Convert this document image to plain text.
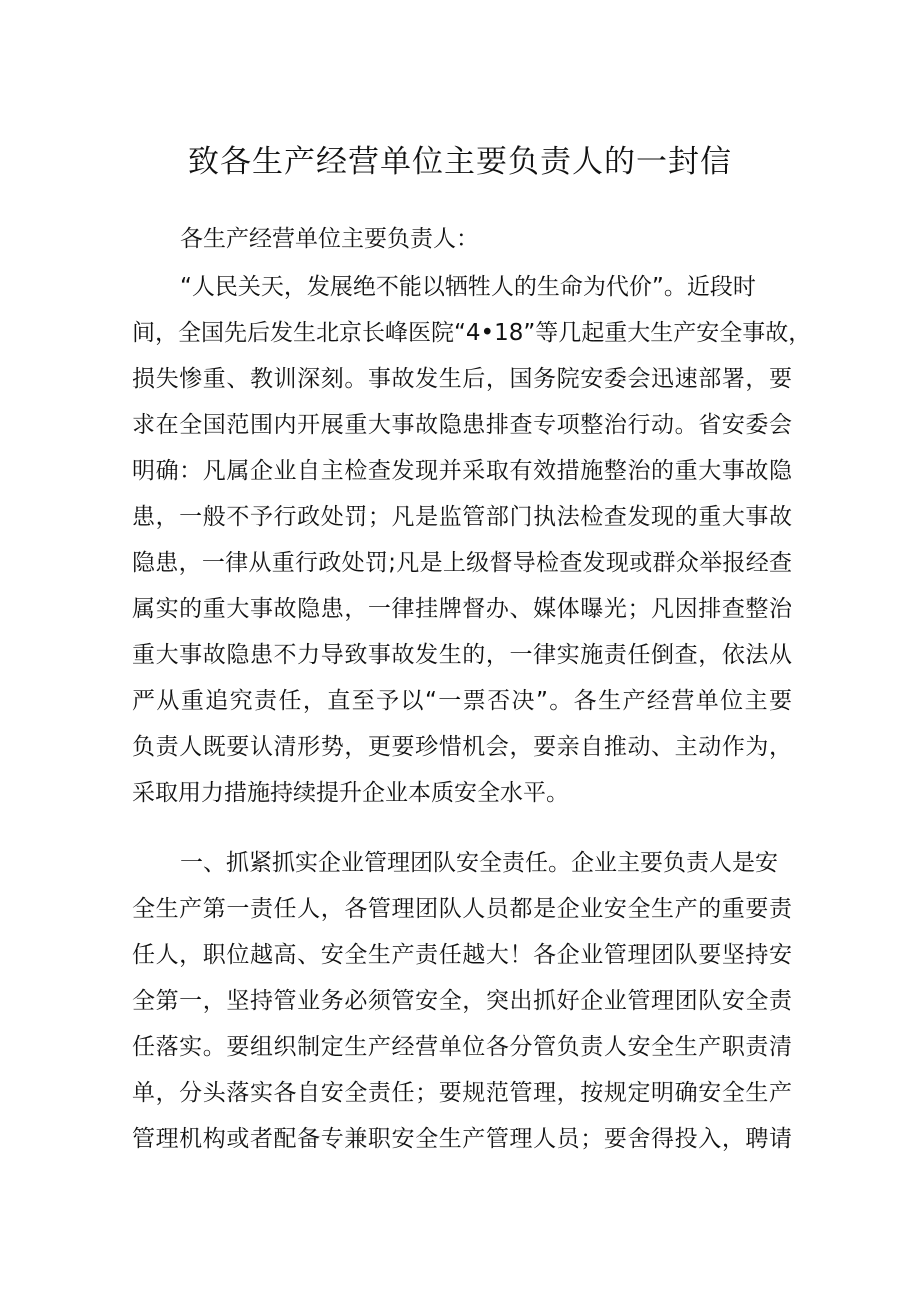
致各生产经营单位主要负责人的一封信

各生产经营单位主要负责人：

“人民关天，发展绝不能以牺牲人的生命为代价”。近段时
间，全国先后发生北京长峰医院“4•18”等几起重大生产安全事故，
损失惨重、教训深刻。事故发生后，国务院安委会迅速部署，要
求在全国范围内开展重大事故隐患排查专项整治行动。省安委会
明确：凡属企业自主检查发现并采取有效措施整治的重大事故隐
患，一般不予行政处罚；凡是监管部门执法检查发现的重大事故
隐患，一律从重行政处罚;凡是上级督导检查发现或群众举报经查
属实的重大事故隐患，一律挂牌督办、媒体曝光；凡因排查整治
重大事故隐患不力导致事故发生的，一律实施责任倒查，依法从
严从重追究责任，直至予以“一票否决”。各生产经营单位主要
负责人既要认清形势，更要珍惜机会，要亲自推动、主动作为，
采取用力措施持续提升企业本质安全水平。
一、抓紧抓实企业管理团队安全责任。企业主要负责人是安
全生产第一责任人，各管理团队人员都是企业安全生产的重要责
任人，职位越高、安全生产责任越大！各企业管理团队要坚持安
全第一，坚持管业务必须管安全，突出抓好企业管理团队安全责
任落实。要组织制定生产经营单位各分管负责人安全生产职责清
单，分头落实各自安全责任；要规范管理，按规定明确安全生产
管理机构或者配备专兼职安全生产管理人员；要舍得投入，聘请
